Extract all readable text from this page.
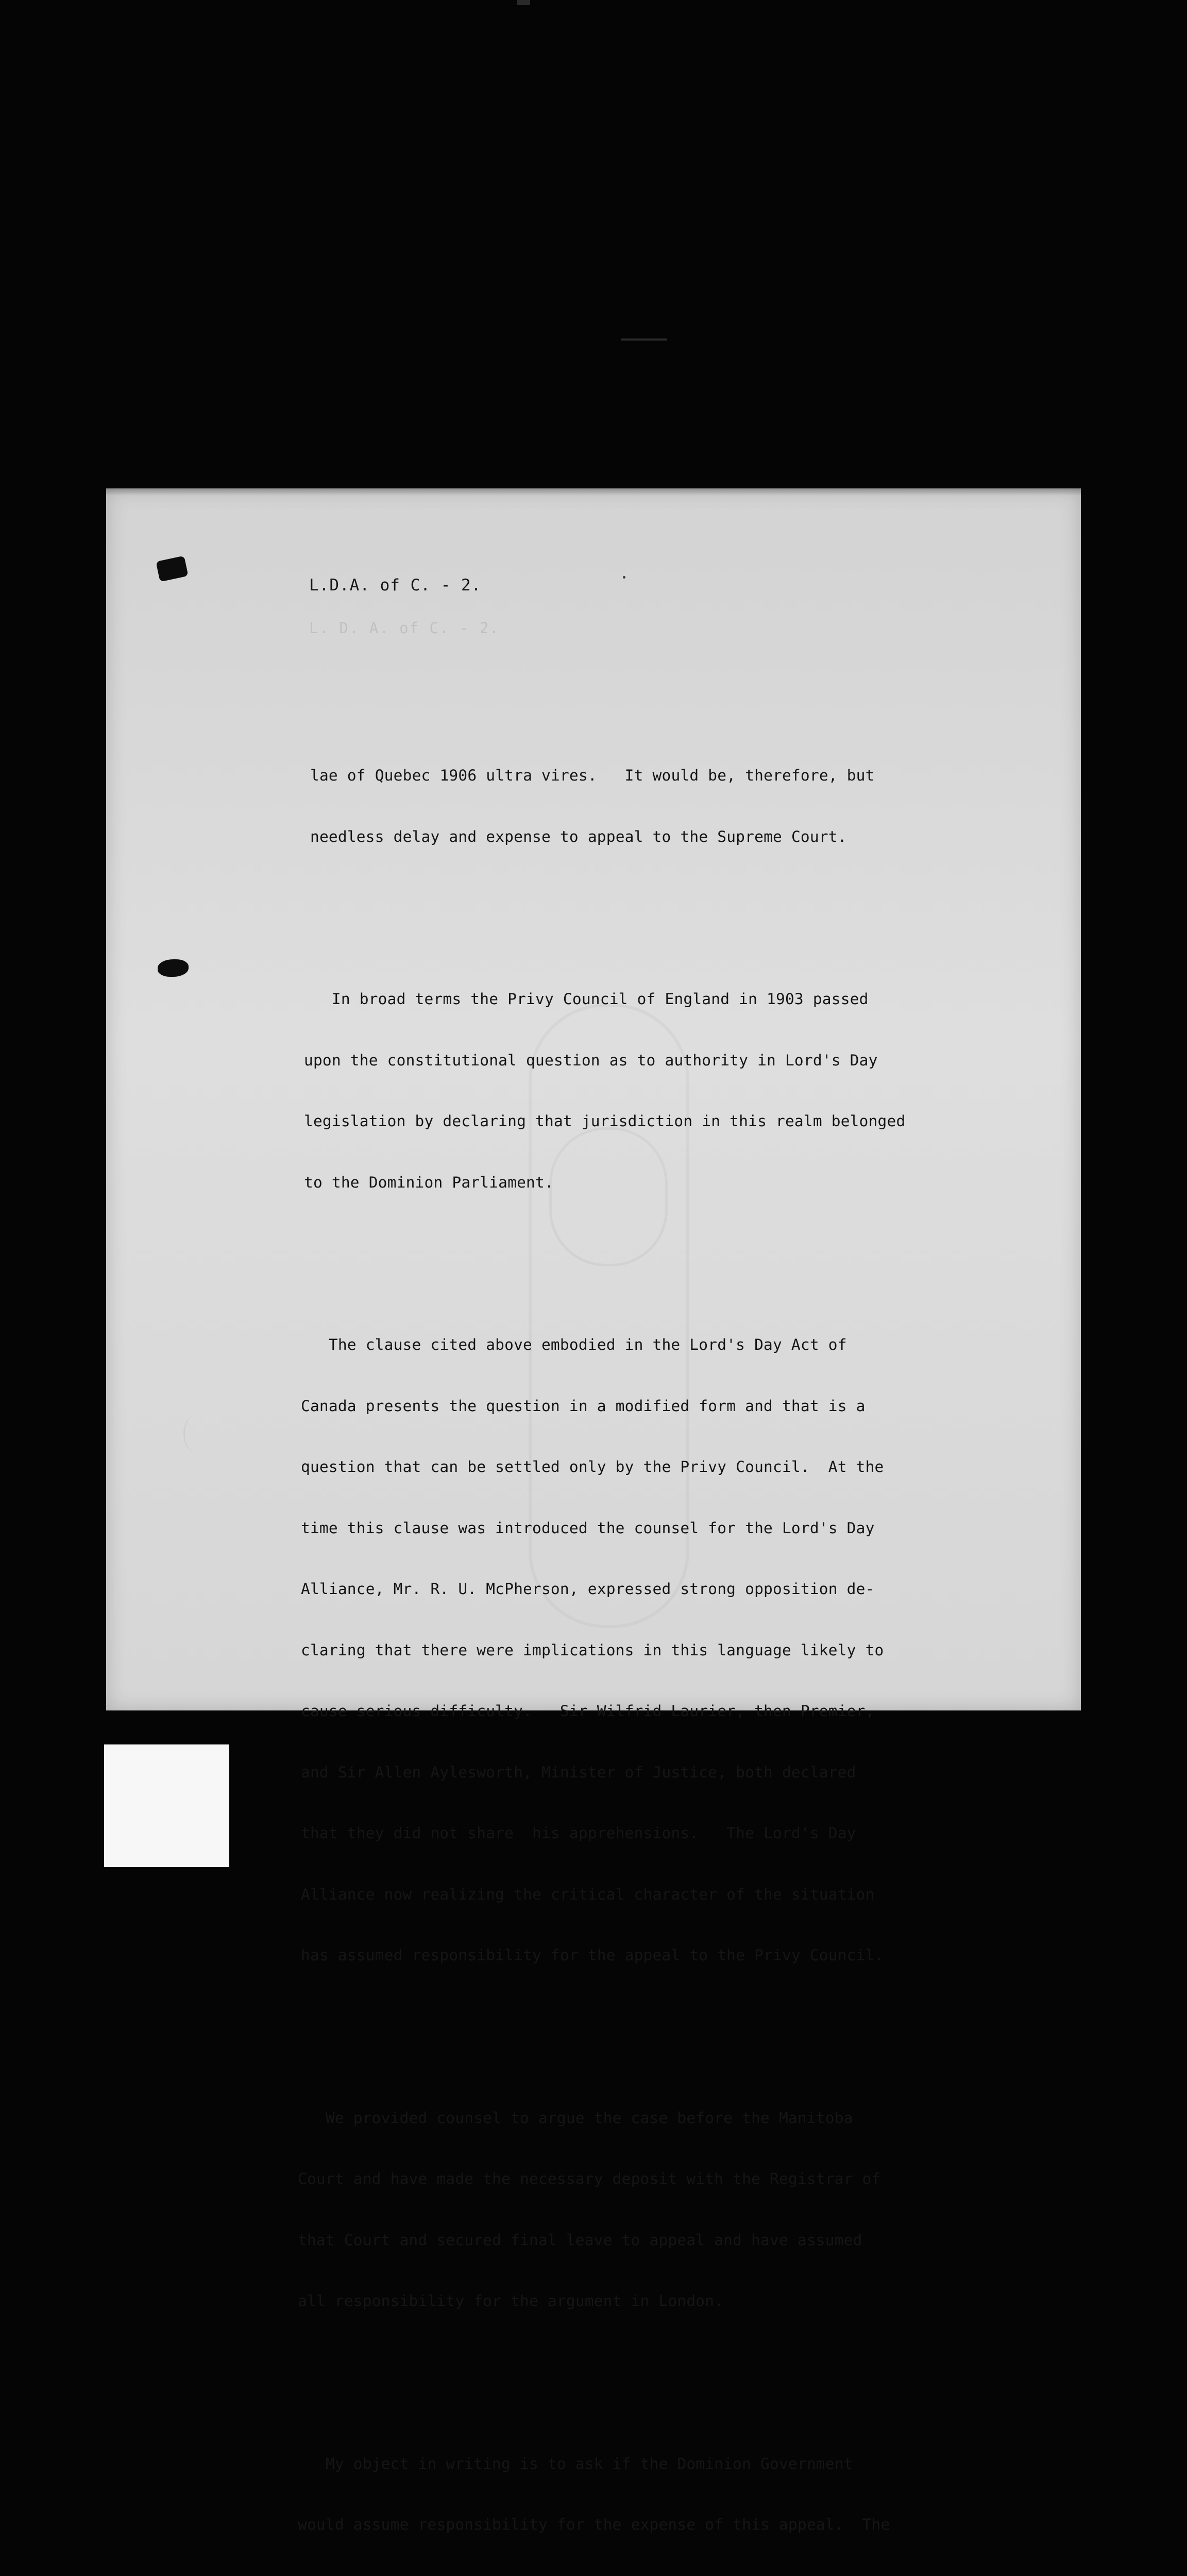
L.D.A. of C. - 2.
L. D. A. of C. - 2.

lae of Quebec 1906 ultra vires.   It would be, therefore, but

needless delay and expense to appeal to the Supreme Court.

In broad terms the Privy Council of England in 1903 passed

upon the constitutional question as to authority in Lord's Day

legislation by declaring that jurisdiction in this realm belonged

to the Dominion Parliament.

The clause cited above embodied in the Lord's Day Act of

Canada presents the question in a modified form and that is a

question that can be settled only by the Privy Council.  At the

time this clause was introduced the counsel for the Lord's Day

Alliance, Mr. R. U. McPherson, expressed strong opposition de-

claring that there were implications in this language likely to

cause serious difficulty.   Sir Wilfrid Laurier, then Premier,

and Sir Allen Aylesworth, Minister of Justice, both declared

that they did not share  his apprehensions.   The Lord's Day

Alliance now realizing the critical character of the situation

has assumed responsibility for the appeal to the Privy Council.

We provided counsel to argue the case before the Manitoba

Court and have made the necessary deposit with the Registrar of

that Court and secured final leave to appeal and have assumed

all responsibility for the argument in London.

My object in writing is to ask if the Dominion Government

would assume responsibility for the expense of this appeal.  The
